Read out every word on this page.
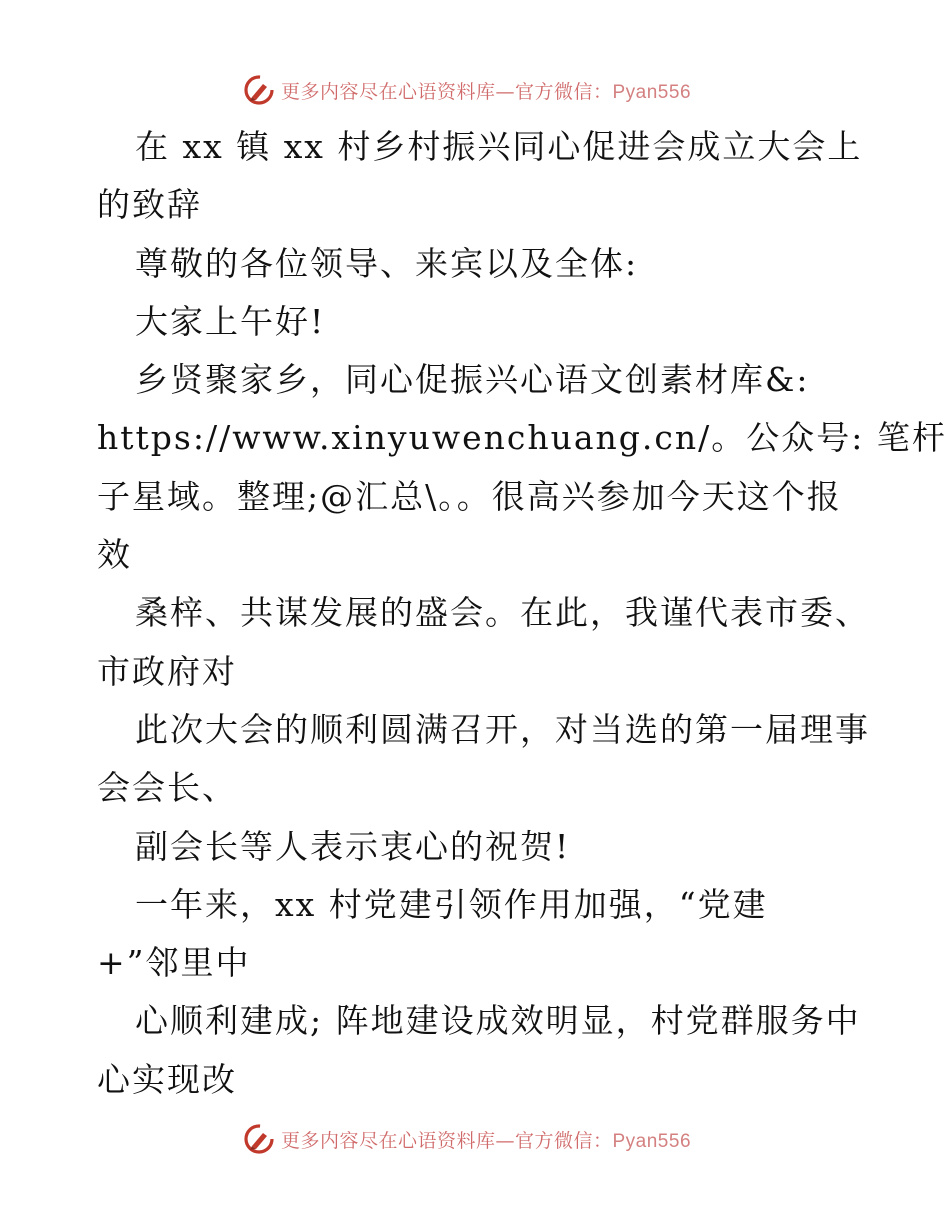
更多内容尽在心语资料库—官方微信：Pyan556
在 xx 镇 xx 村乡村振兴同心促进会成立大会上
的致辞
尊敬的各位领导、来宾以及全体:
大家上午好!
乡贤聚家乡，同心促振兴心语文创素材库&:
https://www.xinyuwenchuang.cn/。公众号: 笔杆
子星域。整理;@汇总\。。很高兴参加今天这个报
效
桑梓、共谋发展的盛会。在此，我谨代表市委、
市政府对
此次大会的顺利圆满召开，对当选的第一届理事
会会长、
副会长等人表示衷心的祝贺!
一年来，xx 村党建引领作用加强，“党建
+”邻里中
心顺利建成; 阵地建设成效明显，村党群服务中
心实现改
更多内容尽在心语资料库—官方微信：Pyan556
